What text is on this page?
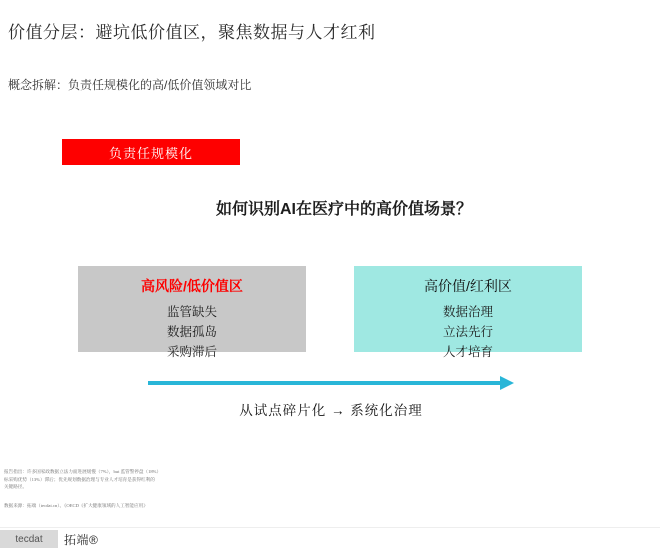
价值分层：避坑低价值区，聚焦数据与人才红利
概念拆解：负责任规模化的高/低价值领域对比
负责任规模化
如何识别AI在医疗中的高价值场景？
高风险/低价值区
监管缺失
数据孤岛
采购滞后
高价值/红利区
数据治理
立法先行
人才培育
从试点碎片化 → 系统化治理
报告指出：许多国家政数据立法力面进展缓慢（7%），but 监管警停盘（18%）
标采购优势（13%）滞后；优先规划数据治理与专业人才培育是获得红利的
关键路径。
数据来源：拓端（tecdat.cn）、《OECD《扩大健康领域的人工智能应用》
tecdat	拓端®
